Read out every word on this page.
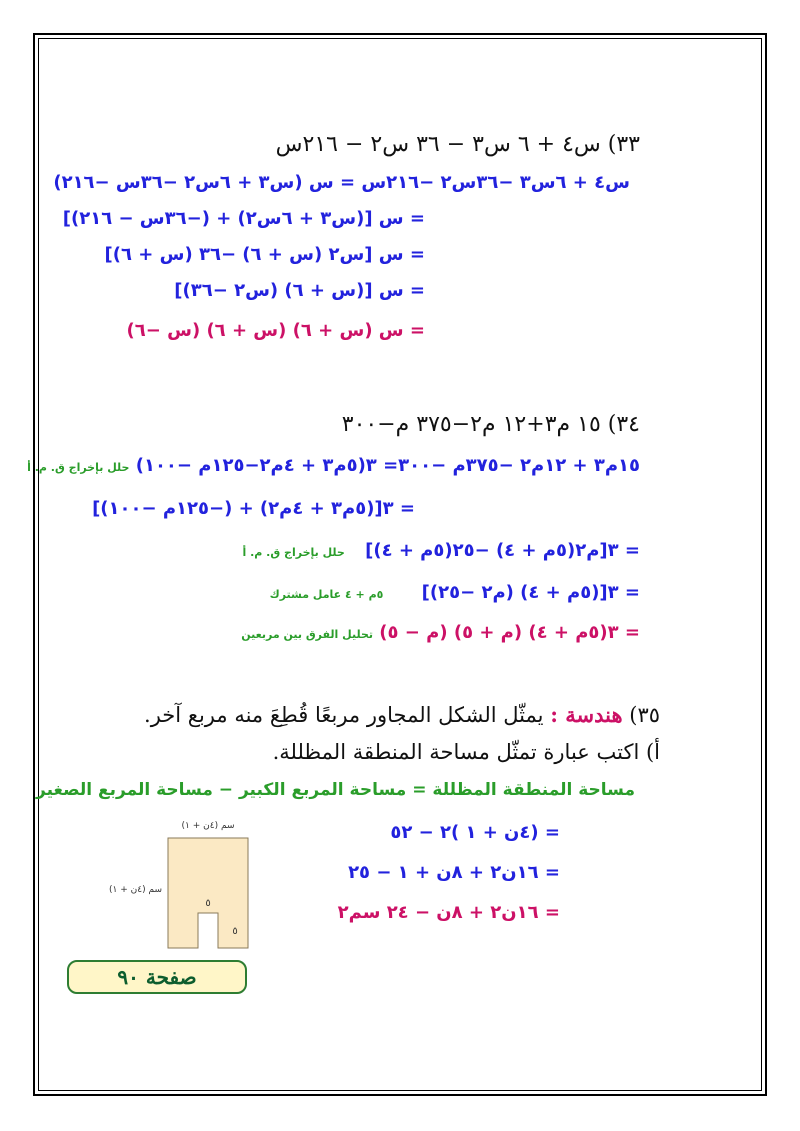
٣٣) س٤ + ٦ س٣ − ٣٦ س٢ − ٢١٦س
س٤ + ٦س٣ −٣٦س٢ −٢١٦س = س (س٣ + ٦س٢ −٣٦س −٢١٦)
= س [(س٣ + ٦س٢) + (−٣٦س − ٢١٦)]
= س [س٢ (س + ٦) −٣٦ (س + ٦)]
= س [(س + ٦) (س٢ −٣٦)]
= س (س + ٦) (س + ٦) (س −٦)
٣٤) ١٥ م٣+١٢ م٢−٣٧٥ م−٣٠٠
١٥م٣ + ١٢م٢ −٣٧٥م −٣٠٠= ٣(٥م٣ + ٤م٢−١٢٥م −١٠٠) حلل بإخراج ق. م. أ
= ٣[(٥م٣ + ٤م٢) + (−١٢٥م −١٠٠)]
= ٣[م٢(٥م + ٤) −٢٥(٥م + ٤)] حلل بإخراج ق. م. أ
= ٣[(٥م + ٤) (م٢ −٢٥)] ٥م + ٤ عامل مشترك
= ٣(٥م + ٤) (م + ٥) (م − ٥) تحليل الفرق بين مربعين
٣٥) هندسة : يمثّل الشكل المجاور مربعًا قُطِعَ منه مربع آخر.
أ) اكتب عبارة تمثّل مساحة المنطقة المظللة.
مساحة المنطقة المظللة = مساحة المربع الكبير − مساحة المربع الصغير
= (٤ن + ١ )٢ − ٥٢
= ١٦ن٢ + ٨ن + ١ − ٢٥
= ١٦ن٢ + ٨ن − ٢٤ سم٢
(٤ن + ١) سم
(٤ن + ١) سم
٥
٥
صفحة ٩٠
